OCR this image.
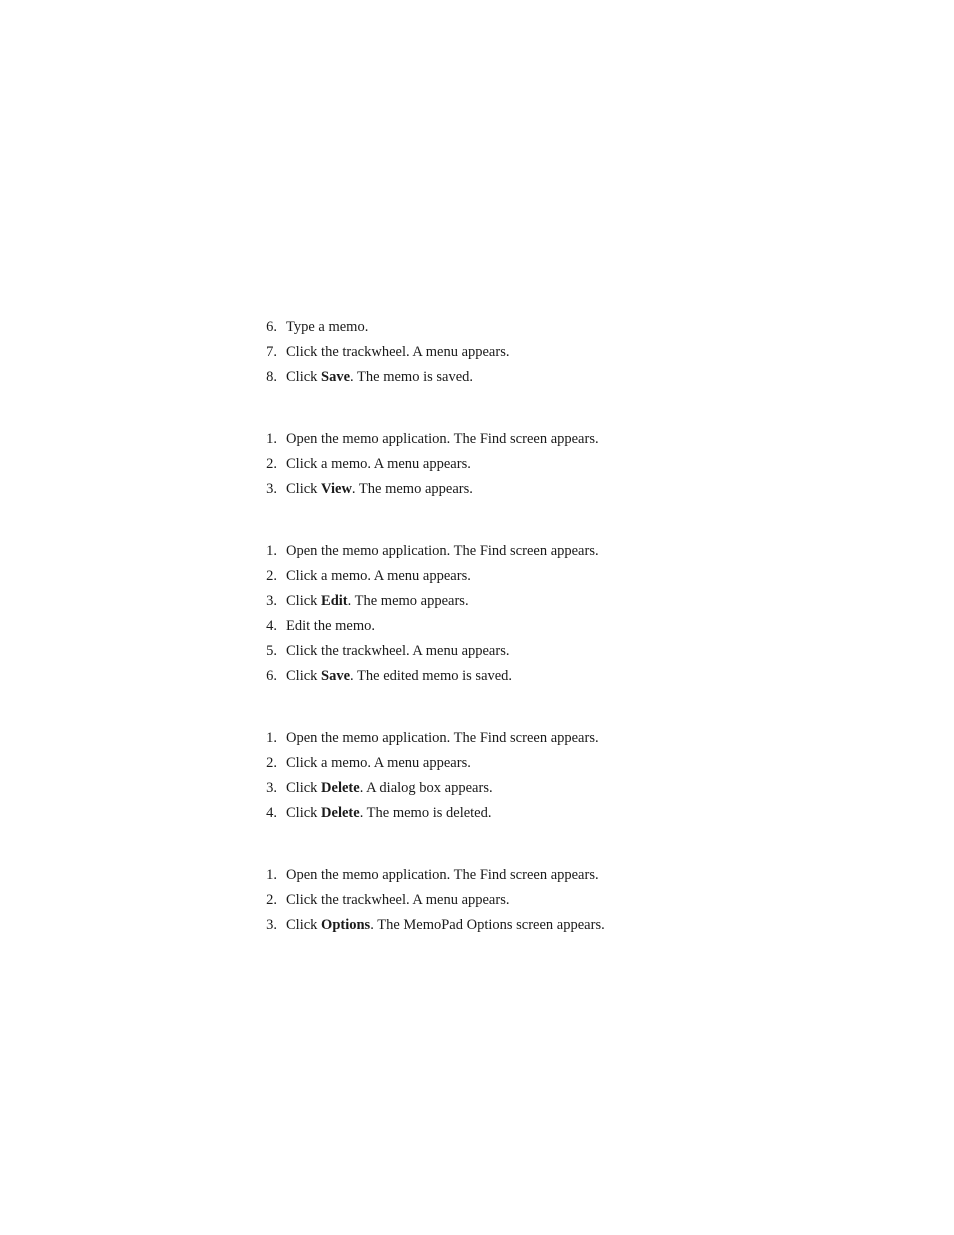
6. Type a memo.
7. Click the trackwheel. A menu appears.
8. Click Save. The memo is saved.
1. Open the memo application. The Find screen appears.
2. Click a memo. A menu appears.
3. Click View. The memo appears.
1. Open the memo application. The Find screen appears.
2. Click a memo. A menu appears.
3. Click Edit. The memo appears.
4. Edit the memo.
5. Click the trackwheel. A menu appears.
6. Click Save. The edited memo is saved.
1. Open the memo application. The Find screen appears.
2. Click a memo. A menu appears.
3. Click Delete. A dialog box appears.
4. Click Delete. The memo is deleted.
1. Open the memo application. The Find screen appears.
2. Click the trackwheel. A menu appears.
3. Click Options. The MemoPad Options screen appears.
